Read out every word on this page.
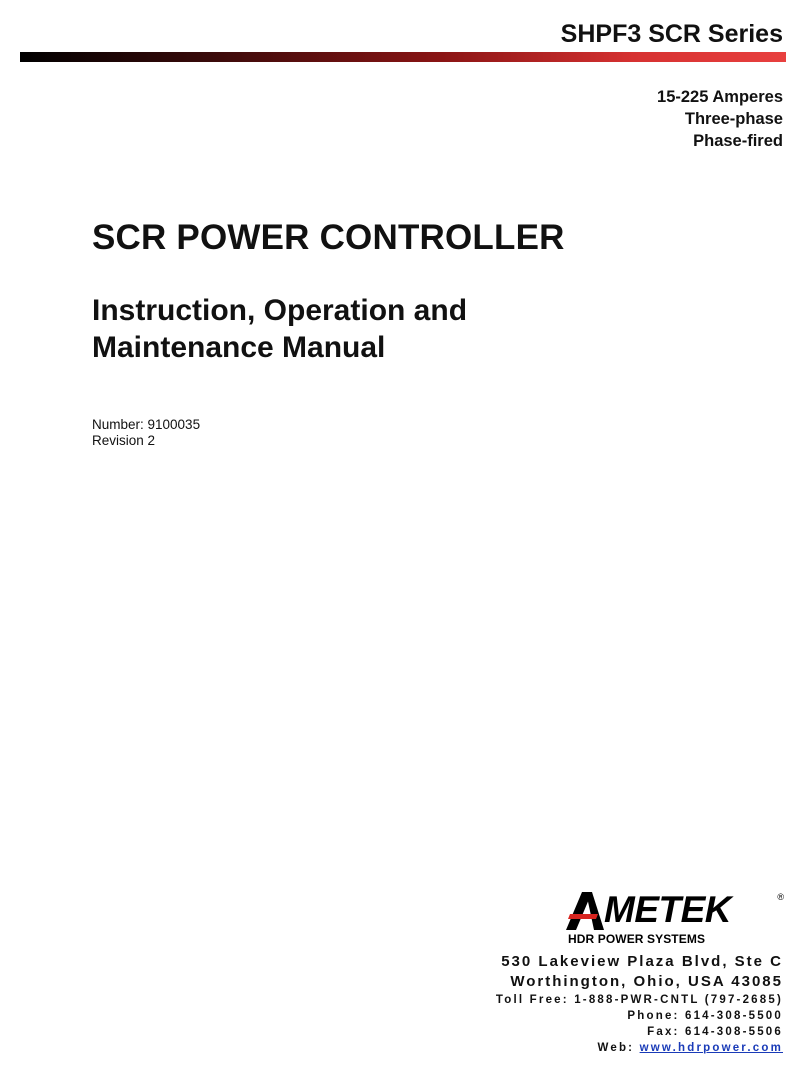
SHPF3 SCR Series
15-225 Amperes
Three-phase
Phase-fired
SCR POWER CONTROLLER
Instruction, Operation and
Maintenance Manual
Number: 9100035
Revision 2
METEK	®
HDR POWER SYSTEMS
530 Lakeview Plaza Blvd, Ste C
Worthington, Ohio, USA 43085
Toll Free: 1-888-PWR-CNTL (797-2685)
Phone: 614-308-5500
Fax: 614-308-5506
Web: www.hdrpower.com
